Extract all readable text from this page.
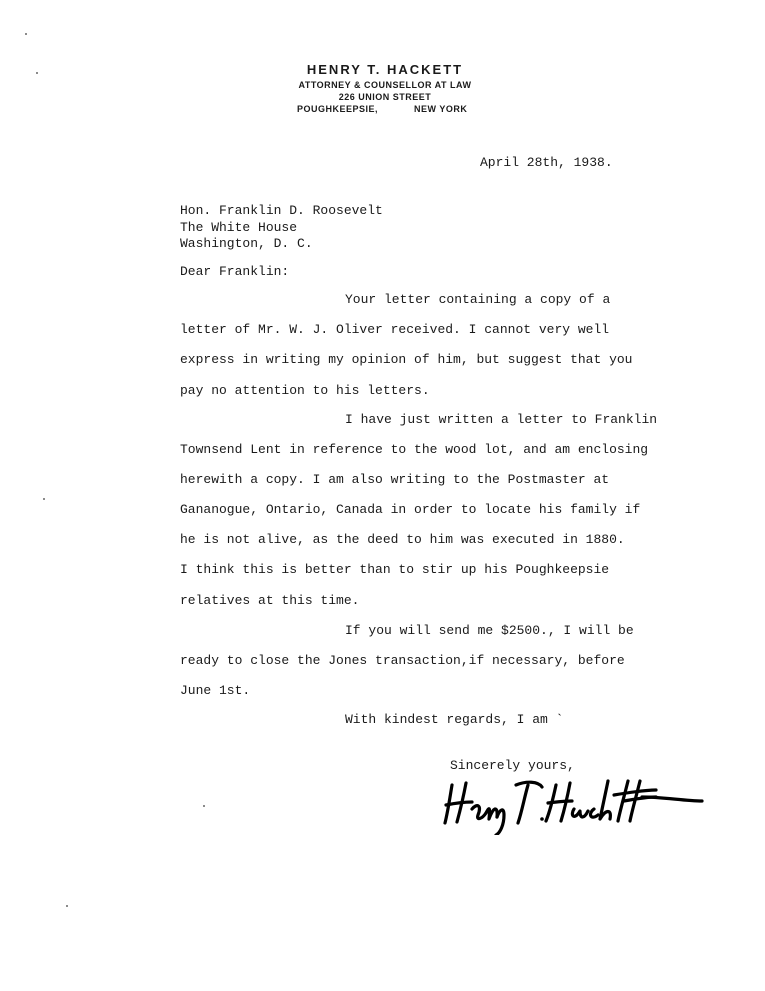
HENRY T. HACKETT
ATTORNEY & COUNSELLOR AT LAW
226 UNION STREET
POUGHKEEPSIE,	NEW YORK
April 28th, 1938.
Hon. Franklin D. Roosevelt
The White House
Washington, D. C.
Dear Franklin:
Your letter containing a copy of a
letter of Mr. W. J. Oliver received. I cannot very well
express in writing my opinion of him, but suggest that you
pay no attention to his letters.
I have just written a letter to Franklin
Townsend Lent in reference to the wood lot, and am enclosing
herewith a copy. I am also writing to the Postmaster at
Gananogue, Ontario, Canada in order to locate his family if
he is not alive, as the deed to him was executed in 1880.
I think this is better than to stir up his Poughkeepsie
relatives at this time.
If you will send me $2500., I will be
ready to close the Jones transaction,if necessary, before
June 1st.
With kindest regards, I am `
Sincerely yours,
